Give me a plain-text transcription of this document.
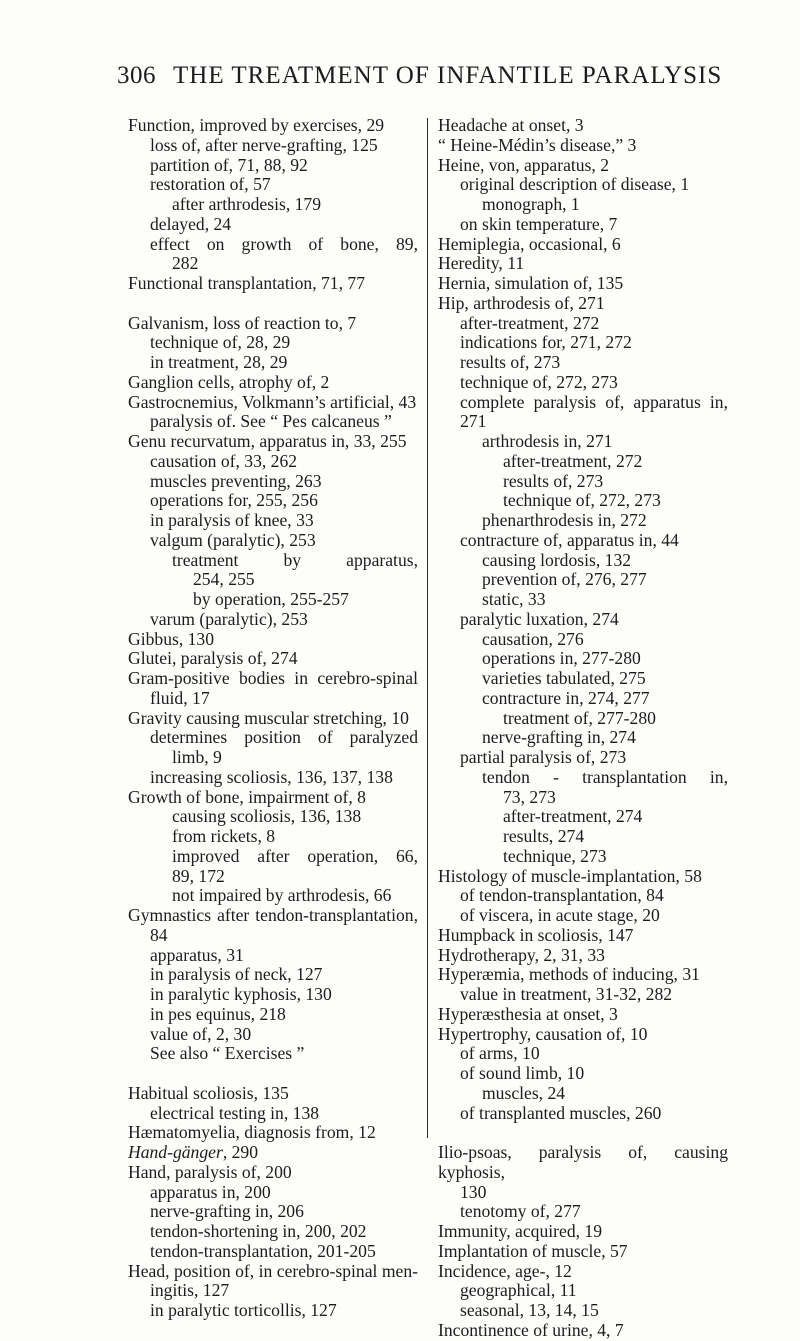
306 THE TREATMENT OF INFANTILE PARALYSIS
Function, improved by exercises, 29
loss of, after nerve-grafting, 125
partition of, 71, 88, 92
restoration of, 57
after arthrodesis, 179
delayed, 24
effect on growth of bone, 89,
282
Functional transplantation, 71, 77
Galvanism, loss of reaction to, 7
technique of, 28, 29
in treatment, 28, 29
Ganglion cells, atrophy of, 2
Gastrocnemius, Volkmann’s artificial, 43
paralysis of. See “ Pes calcaneus ”
Genu recurvatum, apparatus in, 33, 255
causation of, 33, 262
muscles preventing, 263
operations for, 255, 256
in paralysis of knee, 33
valgum (paralytic), 253
treatment by apparatus,
254, 255
by operation, 255-257
varum (paralytic), 253
Gibbus, 130
Glutei, paralysis of, 274
Gram-positive bodies in cerebro-spinal
fluid, 17
Gravity causing muscular stretching, 10
determines position of paralyzed
limb, 9
increasing scoliosis, 136, 137, 138
Growth of bone, impairment of, 8
causing scoliosis, 136, 138
from rickets, 8
improved after operation, 66,
89, 172
not impaired by arthrodesis, 66
Gymnastics after tendon-transplantation,
84
apparatus, 31
in paralysis of neck, 127
in paralytic kyphosis, 130
in pes equinus, 218
value of, 2, 30
See also “ Exercises ”
Habitual scoliosis, 135
electrical testing in, 138
Hæmatomyelia, diagnosis from, 12
Hand-gänger, 290
Hand, paralysis of, 200
apparatus in, 200
nerve-grafting in, 206
tendon-shortening in, 200, 202
tendon-transplantation, 201-205
Head, position of, in cerebro-spinal men-
ingitis, 127
in paralytic torticollis, 127
Headache at onset, 3
“ Heine-Médin’s disease,” 3
Heine, von, apparatus, 2
original description of disease, 1
monograph, 1
on skin temperature, 7
Hemiplegia, occasional, 6
Heredity, 11
Hernia, simulation of, 135
Hip, arthrodesis of, 271
after-treatment, 272
indications for, 271, 272
results of, 273
technique of, 272, 273
complete paralysis of, apparatus in,
271
arthrodesis in, 271
after-treatment, 272
results of, 273
technique of, 272, 273
phenarthrodesis in, 272
contracture of, apparatus in, 44
causing lordosis, 132
prevention of, 276, 277
static, 33
paralytic luxation, 274
causation, 276
operations in, 277-280
varieties tabulated, 275
contracture in, 274, 277
treatment of, 277-280
nerve-grafting in, 274
partial paralysis of, 273
tendon - transplantation in,
73, 273
after-treatment, 274
results, 274
technique, 273
Histology of muscle-implantation, 58
of tendon-transplantation, 84
of viscera, in acute stage, 20
Humpback in scoliosis, 147
Hydrotherapy, 2, 31, 33
Hyperæmia, methods of inducing, 31
value in treatment, 31-32, 282
Hyperæsthesia at onset, 3
Hypertrophy, causation of, 10
of arms, 10
of sound limb, 10
muscles, 24
of transplanted muscles, 260
Ilio-psoas, paralysis of, causing kyphosis,
130
tenotomy of, 277
Immunity, acquired, 19
Implantation of muscle, 57
Incidence, age-, 12
geographical, 11
seasonal, 13, 14, 15
Incontinence of urine, 4, 7
